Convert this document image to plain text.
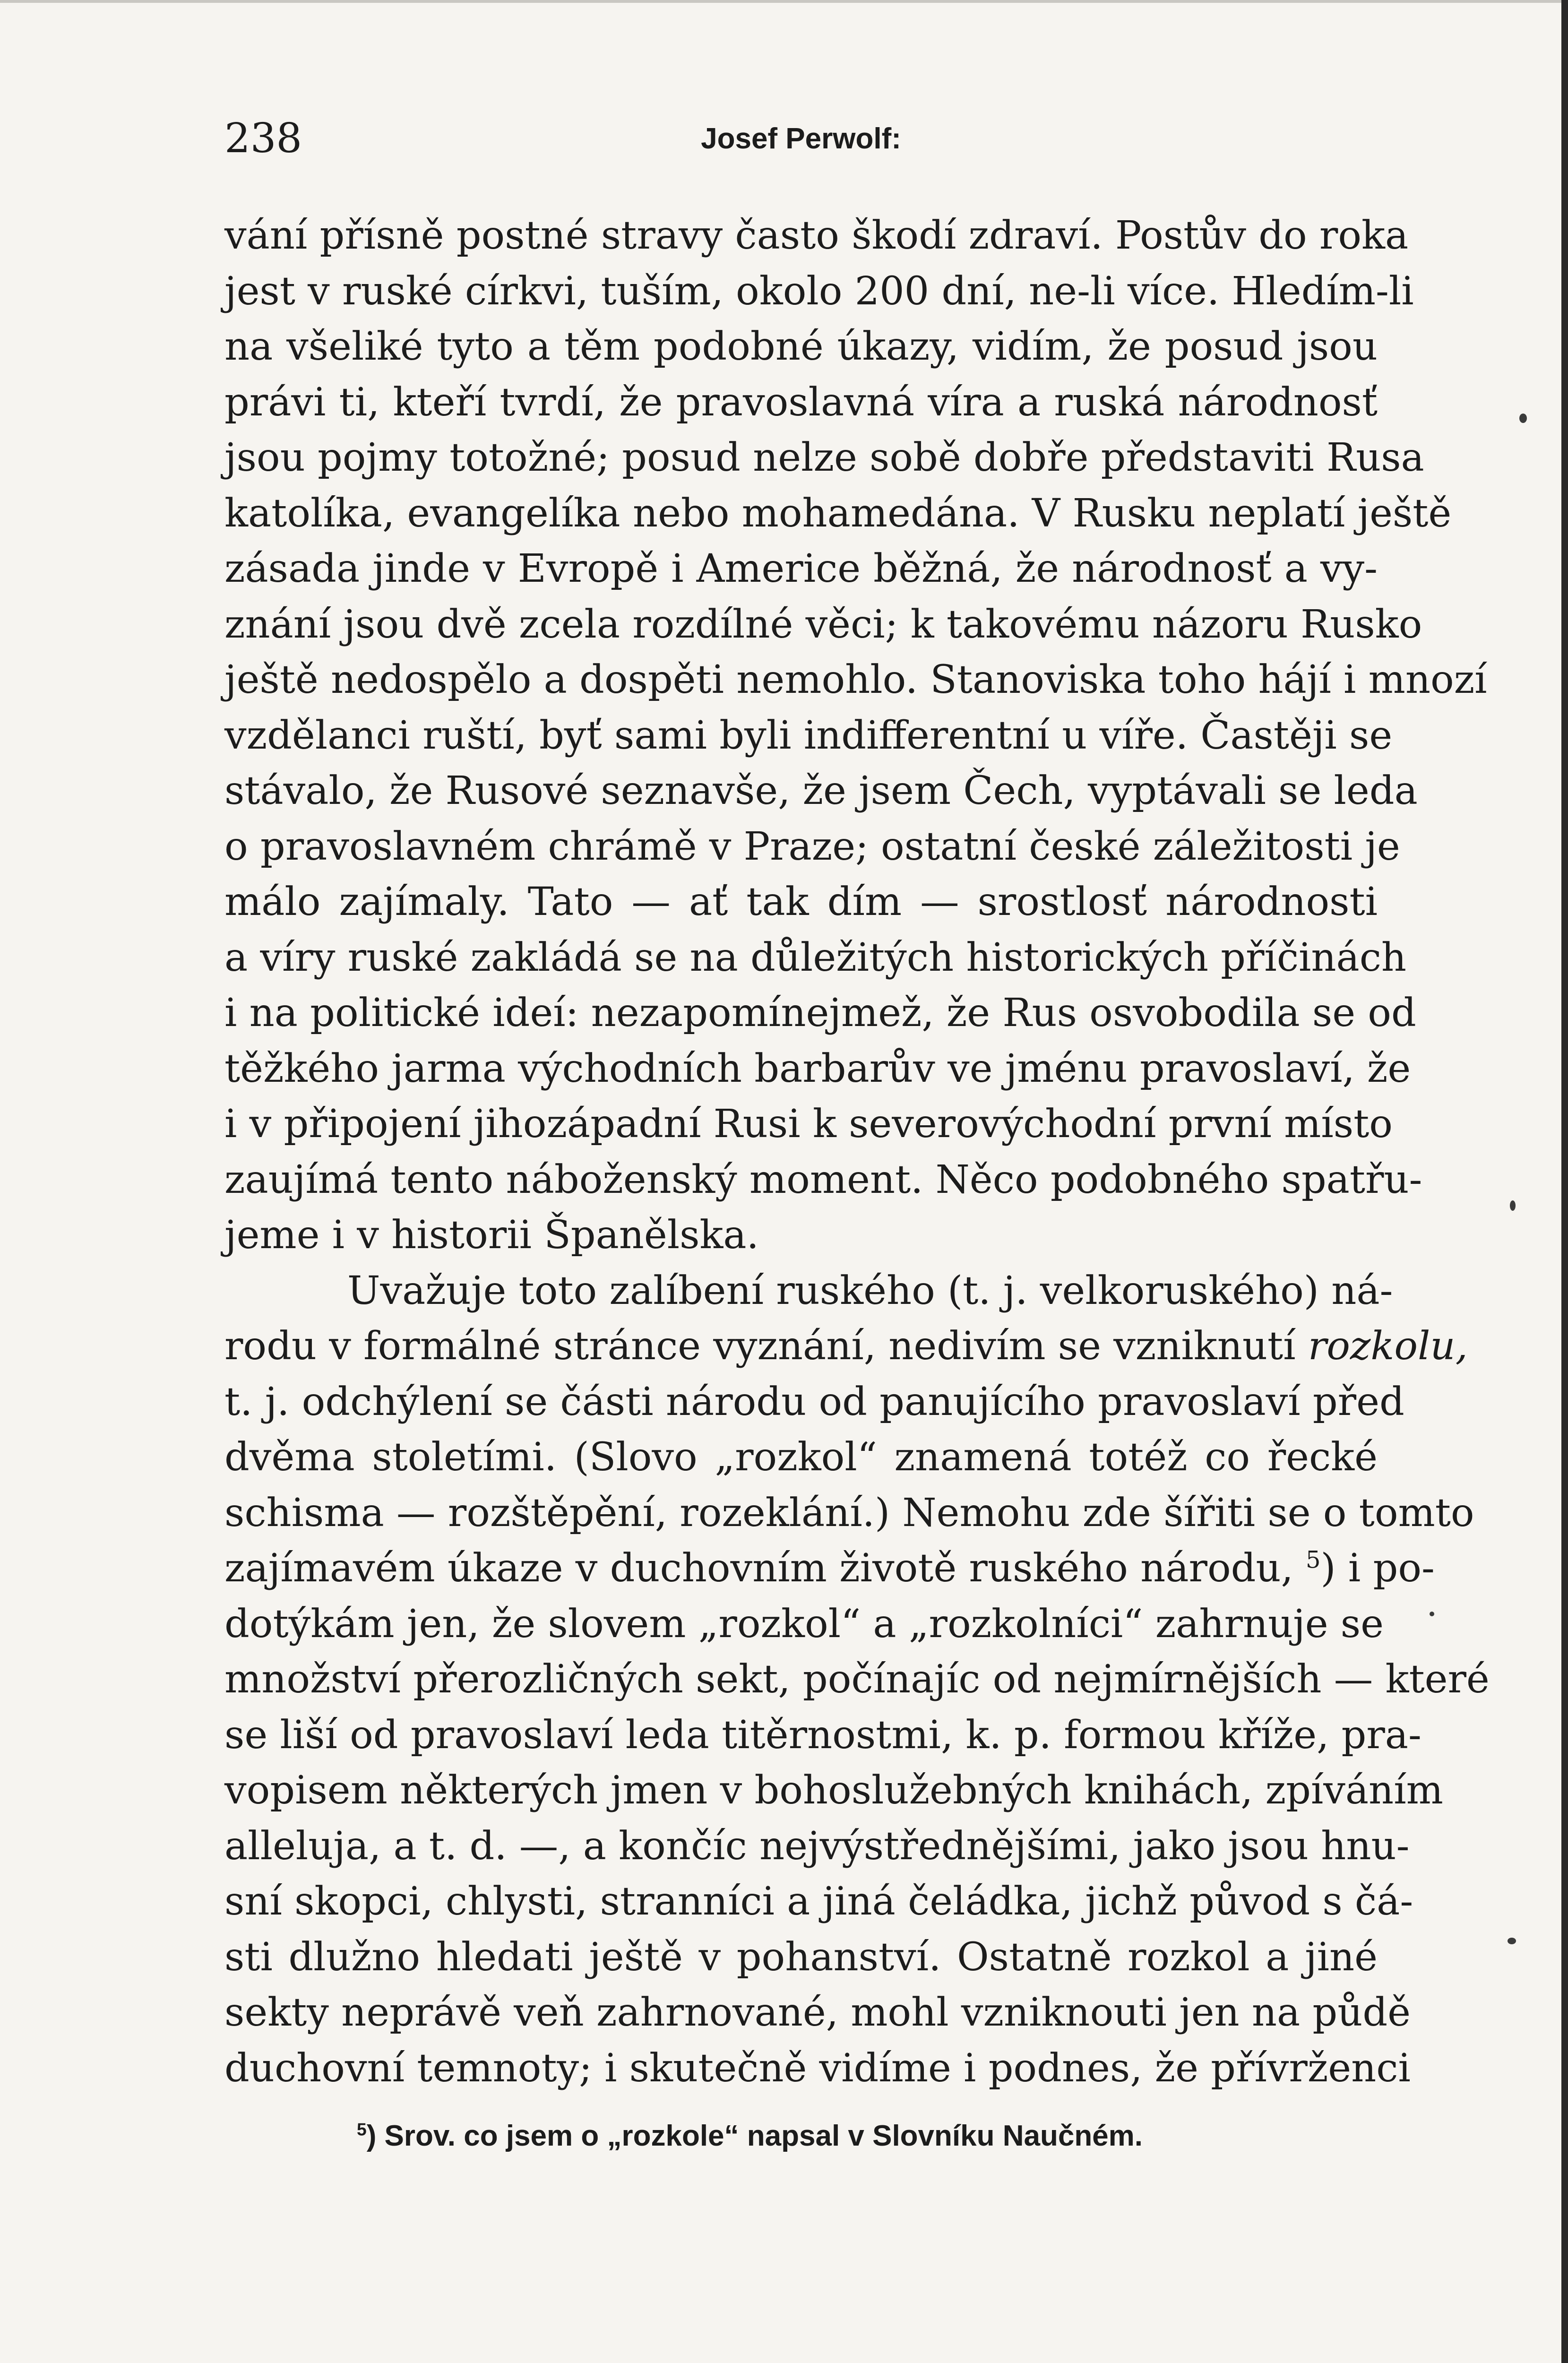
238	Josef Perwolf:
vání přísně postné stravy často škodí zdraví. Postův do roka
jest v ruské církvi, tuším, okolo 200 dní, ne-li více. Hledím-li
na všeliké tyto a těm podobné úkazy, vidím, že posud jsou
právi ti, kteří tvrdí, že pravoslavná víra a ruská národnosť
jsou pojmy totožné; posud nelze sobě dobře představiti Rusa
katolíka, evangelíka nebo mohamedána. V Rusku neplatí ještě
zásada jinde v Evropě i Americe běžná, že národnosť a vy-
znání jsou dvě zcela rozdílné věci; k takovému názoru Rusko
ještě nedospělo a dospěti nemohlo. Stanoviska toho hájí i mnozí
vzdělanci ruští, byť sami byli indifferentní u víře. Častěji se
stávalo, že Rusové seznavše, že jsem Čech, vyptávali se leda
o pravoslavném chrámě v Praze; ostatní české záležitosti je
málo zajímaly. Tato — ať tak dím — srostlosť národnosti
a víry ruské zakládá se na důležitých historických příčinách
i na politické ideí: nezapomínejmež, že Rus osvobodila se od
těžkého jarma východních barbarův ve jménu pravoslaví, že
i v připojení jihozápadní Rusi k severovýchodní první místo
zaujímá tento náboženský moment. Něco podobného spatřu-
jeme i v historii Španělska.
Uvažuje toto zalíbení ruského (t. j. velkoruského) ná-
rodu v formálné stránce vyznání, nedivím se vzniknutí rozkolu,
t. j. odchýlení se části národu od panujícího pravoslaví před
dvěma stoletími. (Slovo „rozkol“ znamená totéž co řecké
schisma — rozštěpění, rozeklání.) Nemohu zde šířiti se o tomto
zajímavém úkaze v duchovním životě ruského národu, $^5$) i po-
dotýkám jen, že slovem „rozkol“ a „rozkolníci“ zahrnuje se
množství přerozličných sekt, počínajíc od nejmírnějších — které
se liší od pravoslaví leda titěrnostmi, k. p. formou kříže, pra-
vopisem některých jmen v bohoslužebných knihách, zpíváním
alleluja, a t. d. —, a končíc nejvýstřednějšími, jako jsou hnu-
sní skopci, chlysti, stranníci a jiná čeládka, jichž původ s čá-
sti dlužno hledati ještě v pohanství. Ostatně rozkol a jiné
sekty neprávě veň zahrnované, mohl vzniknouti jen na půdě
duchovní temnoty; i skutečně vidíme i podnes, že přívrženci
$^5$) Srov. co jsem o „rozkole“ napsal v Slovníku Naučném.
